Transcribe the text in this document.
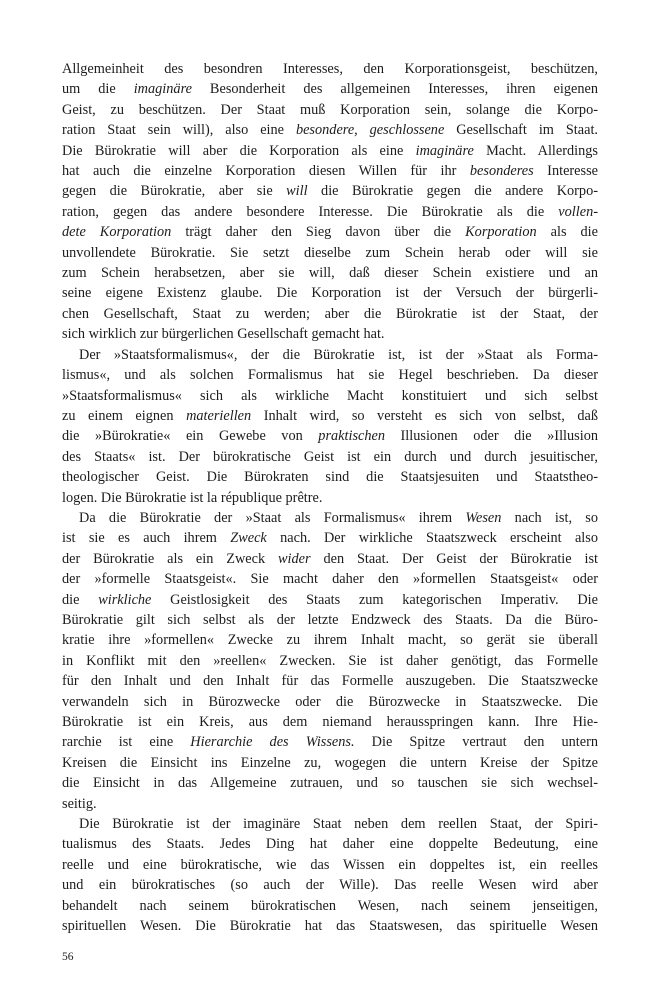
Allgemeinheit des besondren Interesses, den Korporationsgeist, beschützen,
um die imaginäre Besonderheit des allgemeinen Interesses, ihren eigenen
Geist, zu beschützen. Der Staat muß Korporation sein, solange die Korpo-
ration Staat sein will), also eine besondere, geschlossene Gesellschaft im Staat.
Die Bürokratie will aber die Korporation als eine imaginäre Macht. Allerdings
hat auch die einzelne Korporation diesen Willen für ihr besonderes Interesse
gegen die Bürokratie, aber sie will die Bürokratie gegen die andere Korpo-
ration, gegen das andere besondere Interesse. Die Bürokratie als die vollen-
dete Korporation trägt daher den Sieg davon über die Korporation als die
unvollendete Bürokratie. Sie setzt dieselbe zum Schein herab oder will sie
zum Schein herabsetzen, aber sie will, daß dieser Schein existiere und an
seine eigene Existenz glaube. Die Korporation ist der Versuch der bürgerli-
chen Gesellschaft, Staat zu werden; aber die Bürokratie ist der Staat, der
sich wirklich zur bürgerlichen Gesellschaft gemacht hat.
Der »Staatsformalismus«, der die Bürokratie ist, ist der »Staat als Forma-
lismus«, und als solchen Formalismus hat sie Hegel beschrieben. Da dieser
»Staatsformalismus« sich als wirkliche Macht konstituiert und sich selbst
zu einem eignen materiellen Inhalt wird, so versteht es sich von selbst, daß
die »Bürokratie« ein Gewebe von praktischen Illusionen oder die »Illusion
des Staats« ist. Der bürokratische Geist ist ein durch und durch jesuitischer,
theologischer Geist. Die Bürokraten sind die Staatsjesuiten und Staatstheo-
logen. Die Bürokratie ist la république prêtre.
Da die Bürokratie der »Staat als Formalismus« ihrem Wesen nach ist, so
ist sie es auch ihrem Zweck nach. Der wirkliche Staatszweck erscheint also
der Bürokratie als ein Zweck wider den Staat. Der Geist der Bürokratie ist
der »formelle Staatsgeist«. Sie macht daher den »formellen Staatsgeist« oder
die wirkliche Geistlosigkeit des Staats zum kategorischen Imperativ. Die
Bürokratie gilt sich selbst als der letzte Endzweck des Staats. Da die Büro-
kratie ihre »formellen« Zwecke zu ihrem Inhalt macht, so gerät sie überall
in Konflikt mit den »reellen« Zwecken. Sie ist daher genötigt, das Formelle
für den Inhalt und den Inhalt für das Formelle auszugeben. Die Staatszwecke
verwandeln sich in Bürozwecke oder die Bürozwecke in Staatszwecke. Die
Bürokratie ist ein Kreis, aus dem niemand herausspringen kann. Ihre Hie-
rarchie ist eine Hierarchie des Wissens. Die Spitze vertraut den untern
Kreisen die Einsicht ins Einzelne zu, wogegen die untern Kreise der Spitze
die Einsicht in das Allgemeine zutrauen, und so tauschen sie sich wechsel-
seitig.
Die Bürokratie ist der imaginäre Staat neben dem reellen Staat, der Spiri-
tualismus des Staats. Jedes Ding hat daher eine doppelte Bedeutung, eine
reelle und eine bürokratische, wie das Wissen ein doppeltes ist, ein reelles
und ein bürokratisches (so auch der Wille). Das reelle Wesen wird aber
behandelt nach seinem bürokratischen Wesen, nach seinem jenseitigen,
spirituellen Wesen. Die Bürokratie hat das Staatswesen, das spirituelle Wesen
56
